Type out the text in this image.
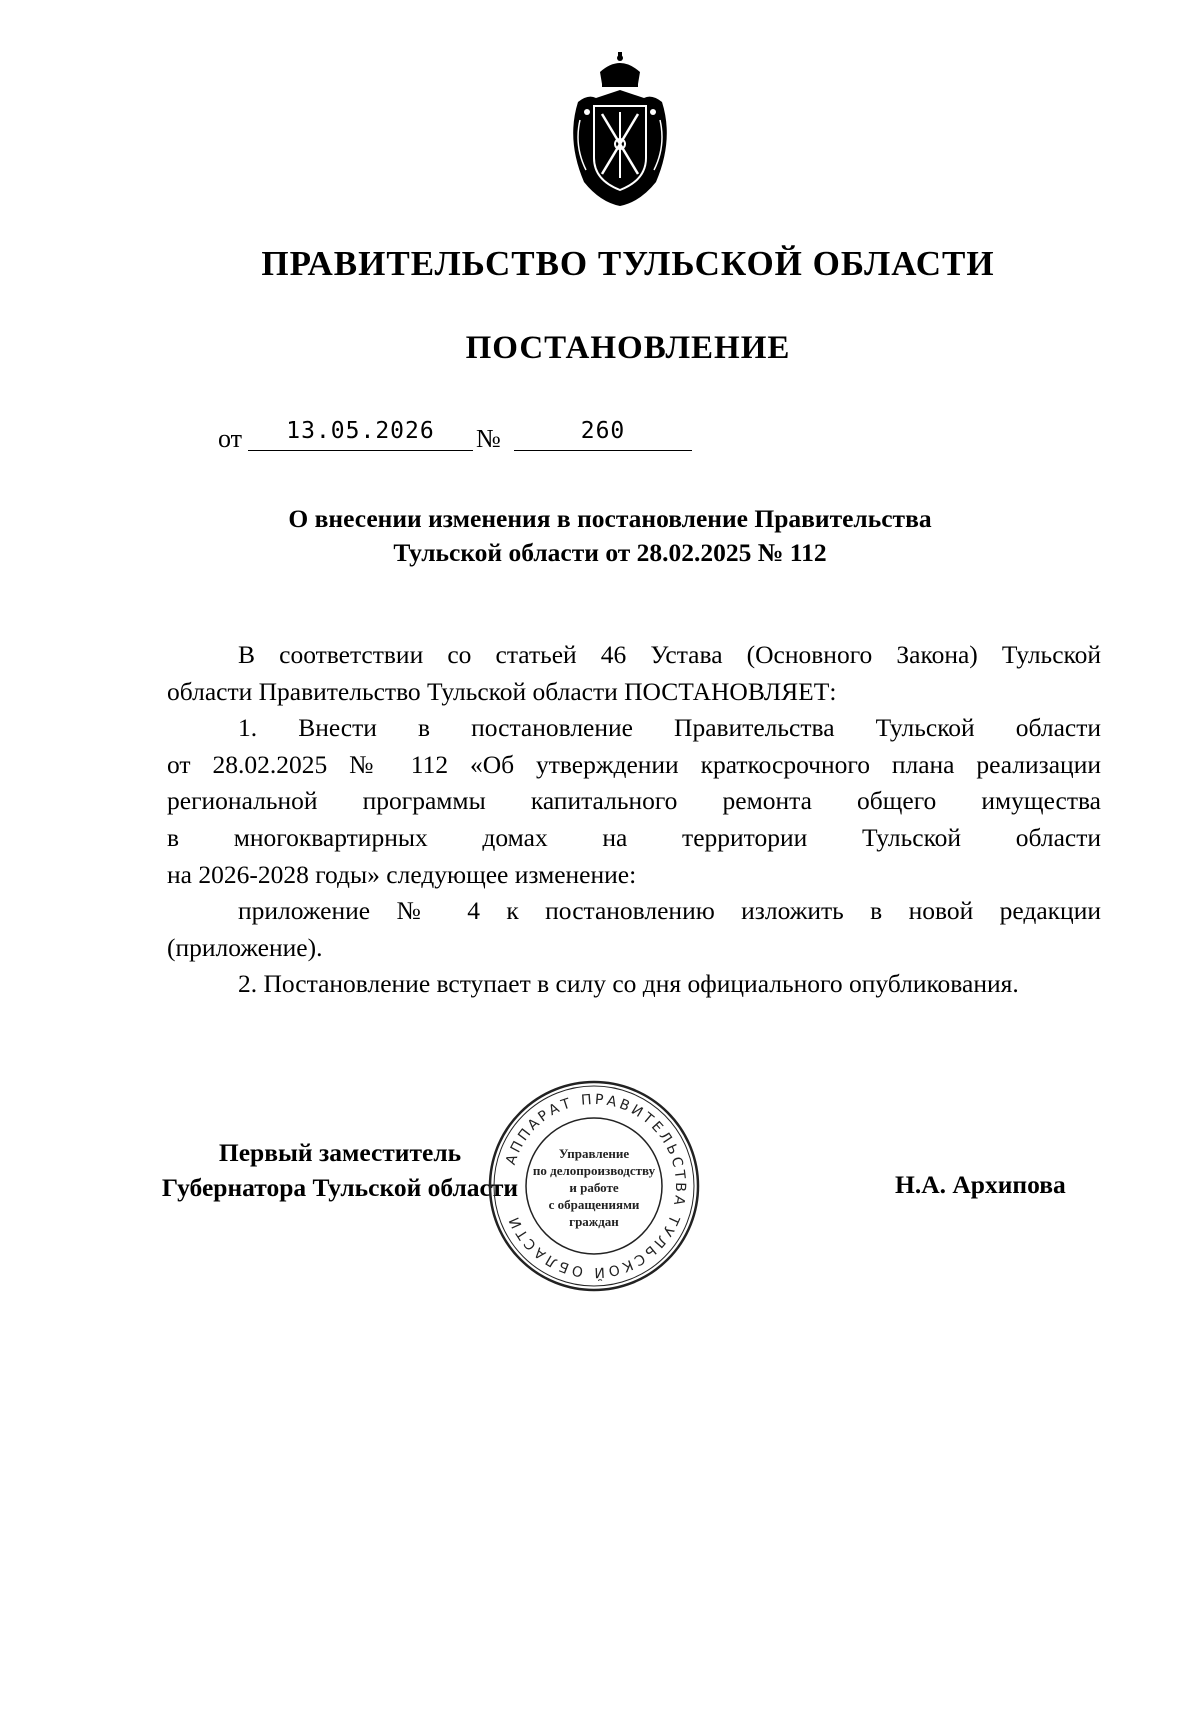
ПРАВИТЕЛЬСТВО ТУЛЬСКОЙ ОБЛАСТИ
ПОСТАНОВЛЕНИЕ
от	13.05.2026	№	260
О внесении изменения в постановление Правительства
Тульской области от 28.02.2025 № 112

В соответствии со статьей 46 Устава (Основного Закона) Тульской

области Правительство Тульской области ПОСТАНОВЛЯЕТ:

1. Внести в постановление Правительства Тульской области

от 28.02.2025 № 112 «Об утверждении краткосрочного плана реализации

региональной программы капитального ремонта общего имущества

в многоквартирных домах на территории Тульской области

на 2026-2028 годы» следующее изменение:

приложение № 4 к постановлению изложить в новой редакции

(приложение).

2. Постановление вступает в силу со дня официального опубликования.

Первый заместитель
Губернатора Тульской области	Н.А. Архипова
АППАРАТ ПРАВИТЕЛЬСТВА ТУЛЬСКОЙ ОБЛАСТИ
Управление
по делопроизводству
и работе
с обращениями
граждан
